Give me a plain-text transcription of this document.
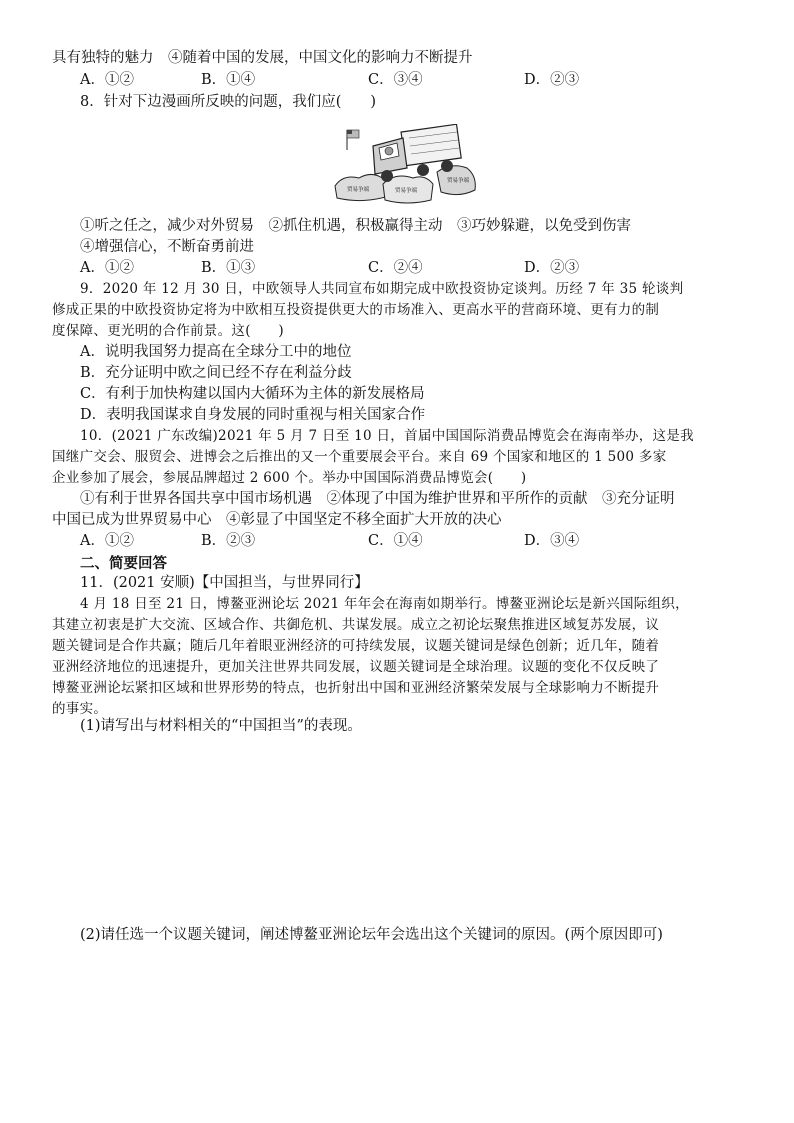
具有独特的魅力　④随着中国的发展，中国文化的影响力不断提升
A．①②	B．①④	C．③④	D．②③
8．针对下边漫画所反映的问题，我们应(　　)
贸易争端	贸易争端
贸易争端
①听之任之，减少对外贸易　②抓住机遇，积极赢得主动　③巧妙躲避，以免受到伤害
④增强信心，不断奋勇前进
A．①②	B．①③	C．②④	D．②③
9．2020 年 12 月 30 日，中欧领导人共同宣布如期完成中欧投资协定谈判。历经 7 年 35 轮谈判
修成正果的中欧投资协定将为中欧相互投资提供更大的市场准入、更高水平的营商环境、更有力的制
度保障、更光明的合作前景。这(　　)
A．说明我国努力提高在全球分工中的地位
B．充分证明中欧之间已经不存在利益分歧
C．有利于加快构建以国内大循环为主体的新发展格局
D．表明我国谋求自身发展的同时重视与相关国家合作
10．(2021 广东改编)2021 年 5 月 7 日至 10 日，首届中国国际消费品博览会在海南举办，这是我
国继广交会、服贸会、进博会之后推出的又一个重要展会平台。来自 69 个国家和地区的 1 500 多家
企业参加了展会，参展品牌超过 2 600 个。举办中国国际消费品博览会(　　)
①有利于世界各国共享中国市场机遇　②体现了中国为维护世界和平所作的贡献　③充分证明
中国已成为世界贸易中心　④彰显了中国坚定不移全面扩大开放的决心
A．①②	B．②③	C．①④	D．③④
二、简要回答
11．(2021 安顺)【中国担当，与世界同行】
4 月 18 日至 21 日，博鳌亚洲论坛 2021 年年会在海南如期举行。博鳌亚洲论坛是新兴国际组织，
其建立初衷是扩大交流、区域合作、共御危机、共谋发展。成立之初论坛聚焦推进区域复苏发展，议
题关键词是合作共赢；随后几年着眼亚洲经济的可持续发展，议题关键词是绿色创新；近几年，随着
亚洲经济地位的迅速提升，更加关注世界共同发展，议题关键词是全球治理。议题的变化不仅反映了
博鳌亚洲论坛紧扣区域和世界形势的特点，也折射出中国和亚洲经济繁荣发展与全球影响力不断提升
的事实。
(1)请写出与材料相关的“中国担当”的表现。
(2)请任选一个议题关键词，阐述博鳌亚洲论坛年会选出这个关键词的原因。(两个原因即可)
